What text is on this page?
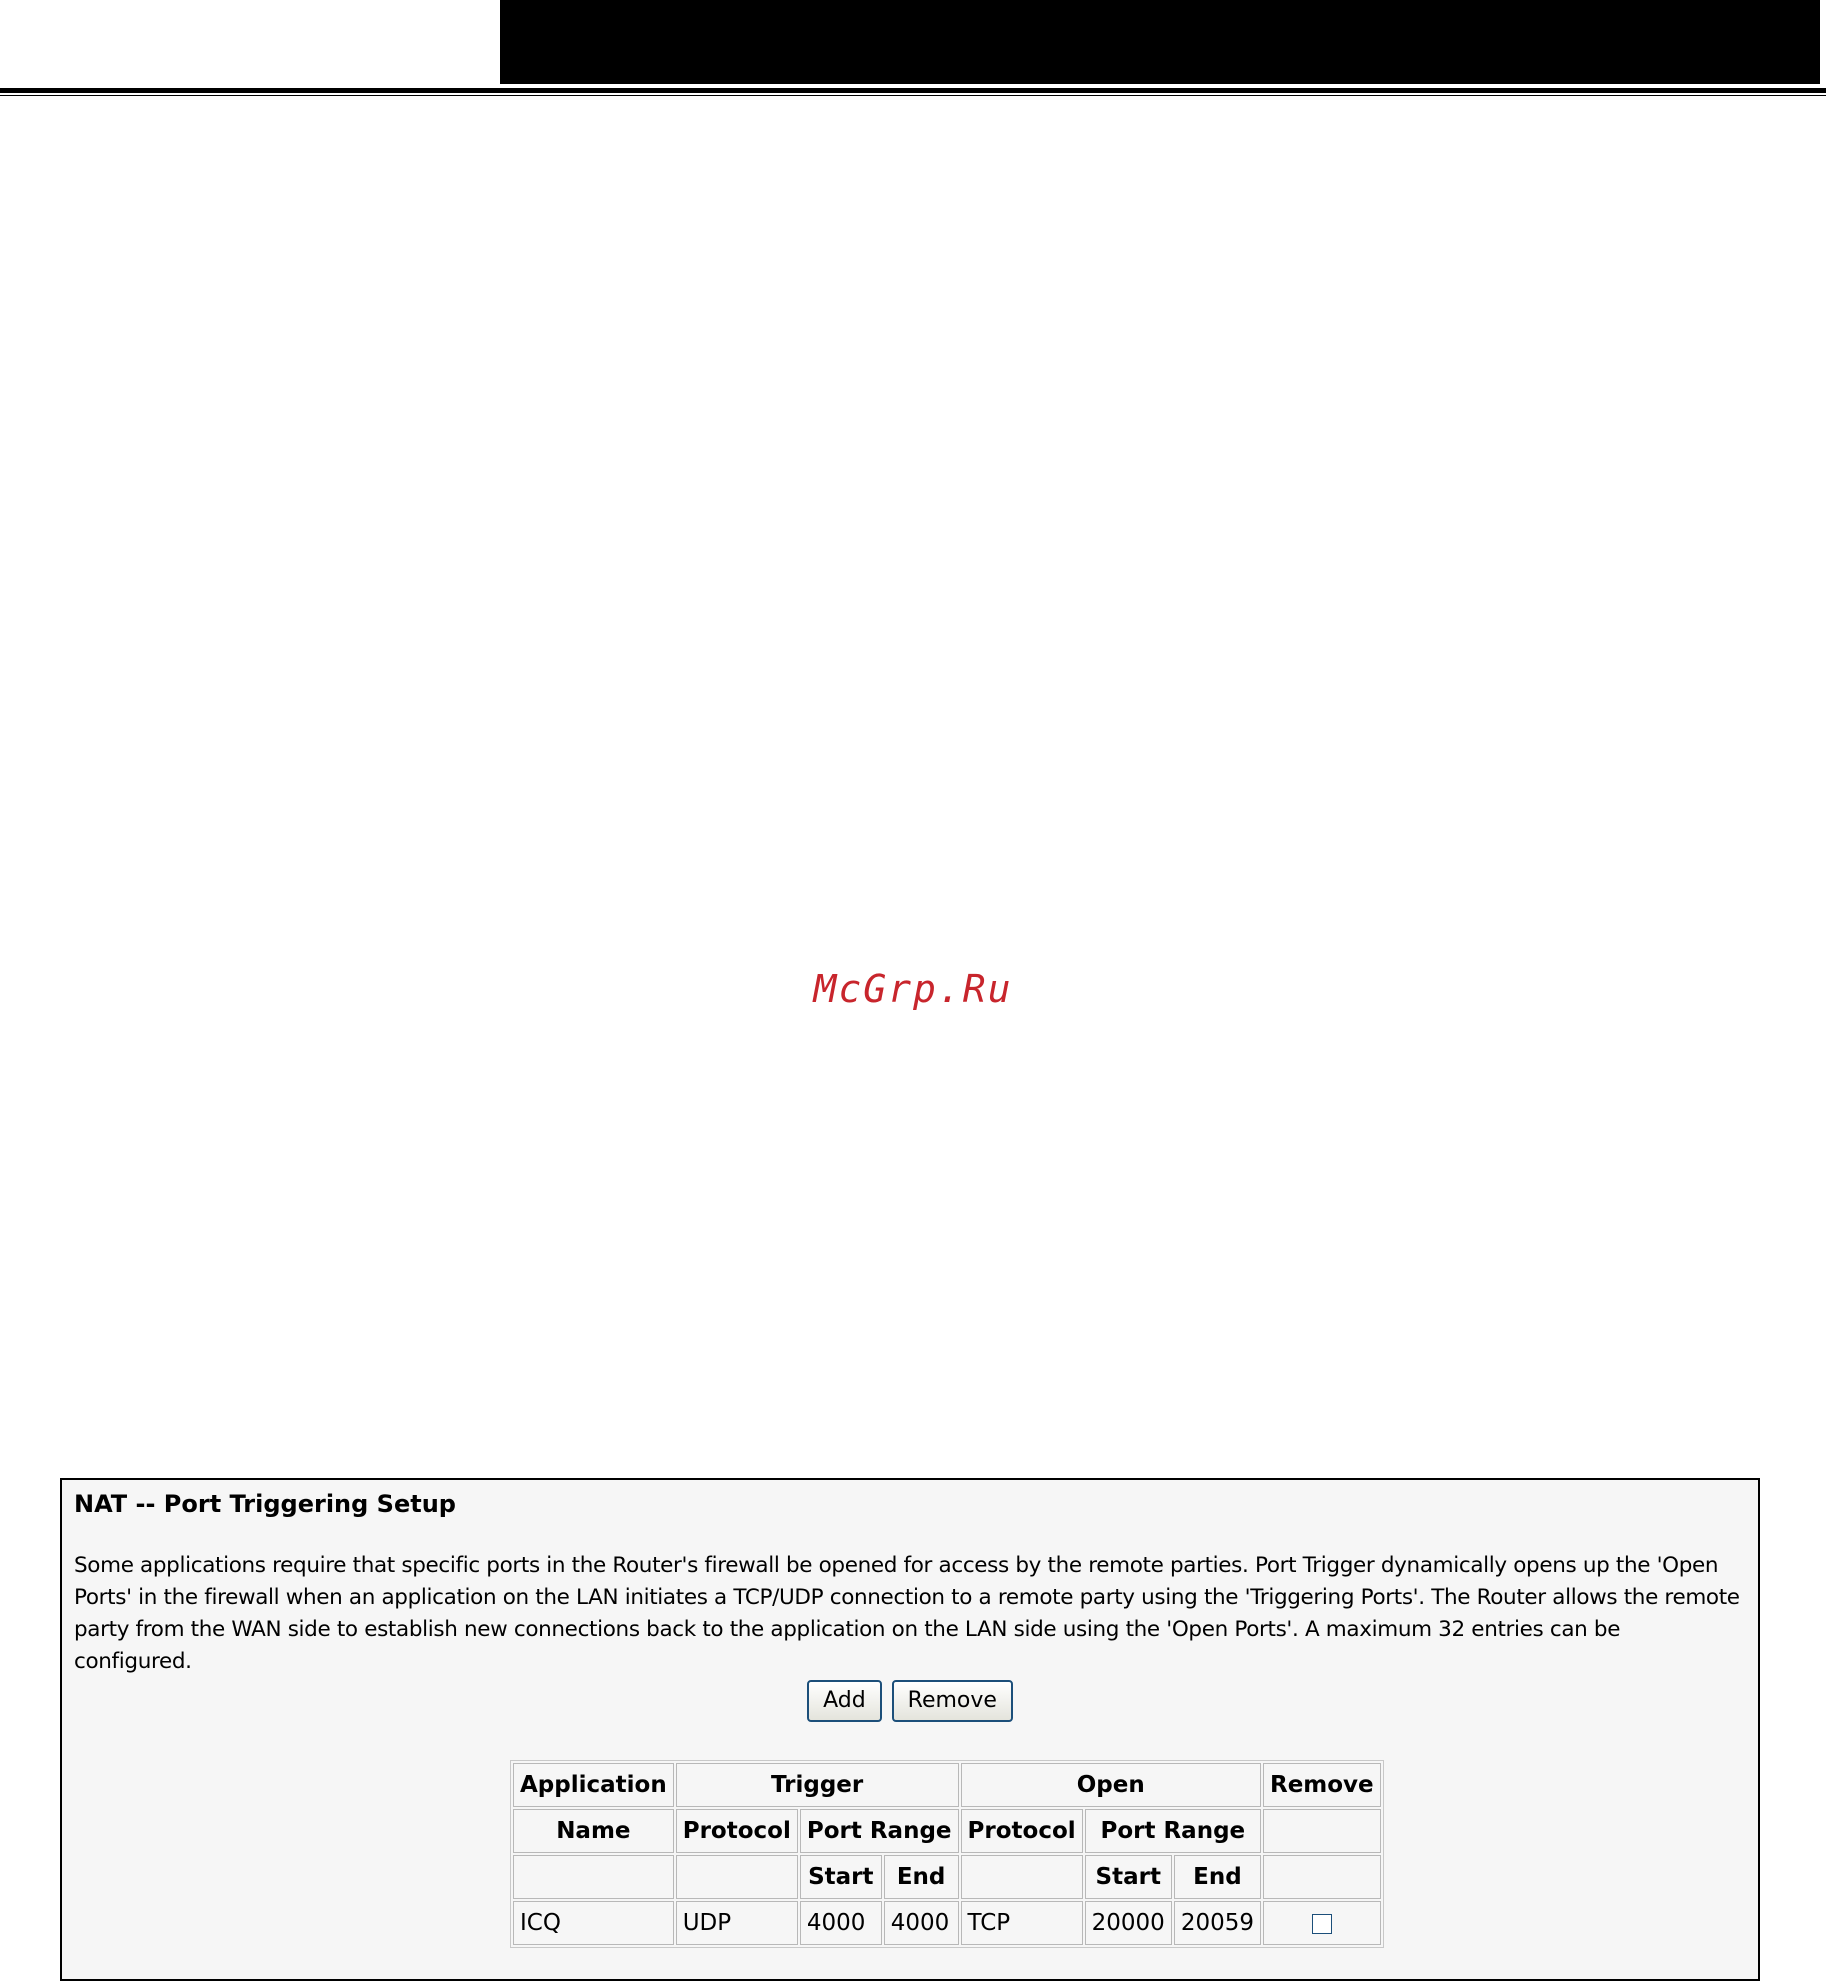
McGrp.Ru
NAT -- Port Triggering Setup
Some applications require that specific ports in the Router's firewall be opened for access by the remote parties. Port Trigger dynamically opens up the 'Open Ports' in the firewall when an application on the LAN initiates a TCP/UDP connection to a remote party using the 'Triggering Ports'. The Router allows the remote party from the WAN side to establish new connections back to the application on the LAN side using the 'Open Ports'. A maximum 32 entries can be configured.
Add Remove
Application	Trigger			Open			Remove
Name	Protocol	Port Range		Protocol	Port Range		
		Start	End		Start	End	
ICQ	UDP	4000	4000	TCP	20000	20059	
